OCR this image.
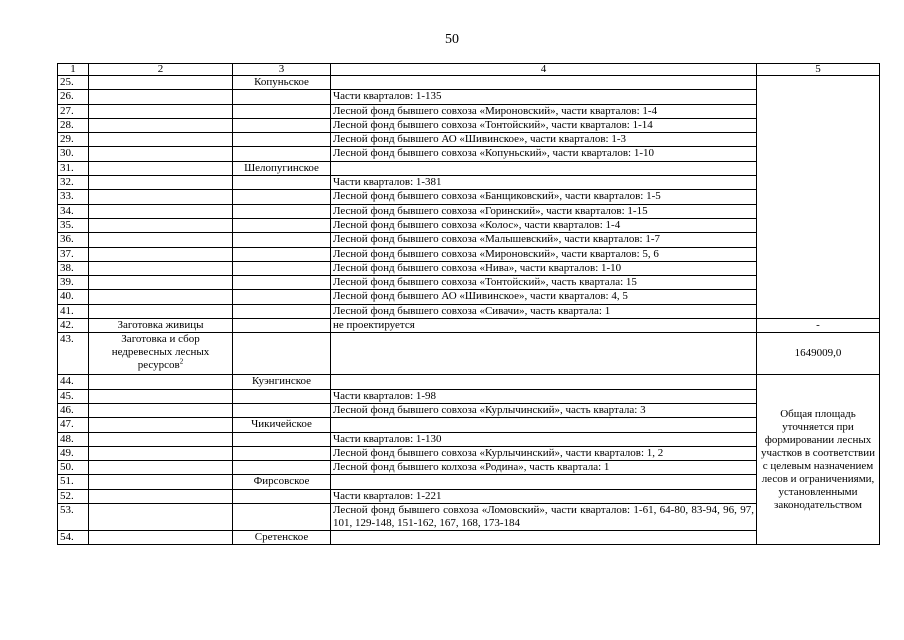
50
1	2	3	4	5
25.		Копуньское		
26.			Части кварталов: 1-135	
27.			Лесной фонд бывшего совхоза «Мироновский», части кварталов: 1-4	
28.			Лесной фонд бывшего совхоза «Тонтойский», части кварталов: 1-14	
29.			Лесной фонд бывшего АО «Шивинское», части кварталов: 1-3	
30.			Лесной фонд бывшего совхоза «Копуньский», части кварталов: 1-10	
31.		Шелопугинское		
32.			Части кварталов: 1-381	
33.			Лесной фонд бывшего совхоза «Банщиковский», части кварталов: 1-5	
34.			Лесной фонд бывшего совхоза «Горинский», части кварталов: 1-15	
35.			Лесной фонд бывшего совхоза «Колос», части кварталов: 1-4	
36.			Лесной фонд бывшего совхоза «Малышевский», части кварталов: 1-7	
37.			Лесной фонд бывшего совхоза «Мироновский», части кварталов: 5, 6	
38.			Лесной фонд бывшего совхоза «Нива», части кварталов: 1-10	
39.			Лесной фонд бывшего совхоза «Тонтойский», часть квартала: 15	
40.			Лесной фонд бывшего АО «Шивинское», части кварталов: 4, 5	
41.			Лесной фонд бывшего совхоза «Сивачи», часть квартала: 1	
42.	Заготовка живицы		не проектируется	-
43.	Заготовка и сбор недревесных лесных ресурсов$^2$			1649009,0
44.		Куэнгинское		Общая площадь уточняется при формировании лесных участков в соответствии с целевым назначением лесов и ограничениями, установленными законодательством
45.			Части кварталов: 1-98	
46.			Лесной фонд бывшего совхоза «Курлычинский», часть квартала: 3	
47.		Чикичейское		
48.			Части кварталов: 1-130	
49.			Лесной фонд бывшего совхоза «Курлычинский», части кварталов: 1, 2	
50.			Лесной фонд бывшего колхоза «Родина», часть квартала: 1	
51.		Фирсовское		
52.			Части кварталов: 1-221	
53.			Лесной фонд бывшего совхоза «Ломовский», части кварталов: 1-61, 64-80, 83-94, 96, 97, 101, 129-148, 151-162, 167, 168, 173-184	
54.		Сретенское		
